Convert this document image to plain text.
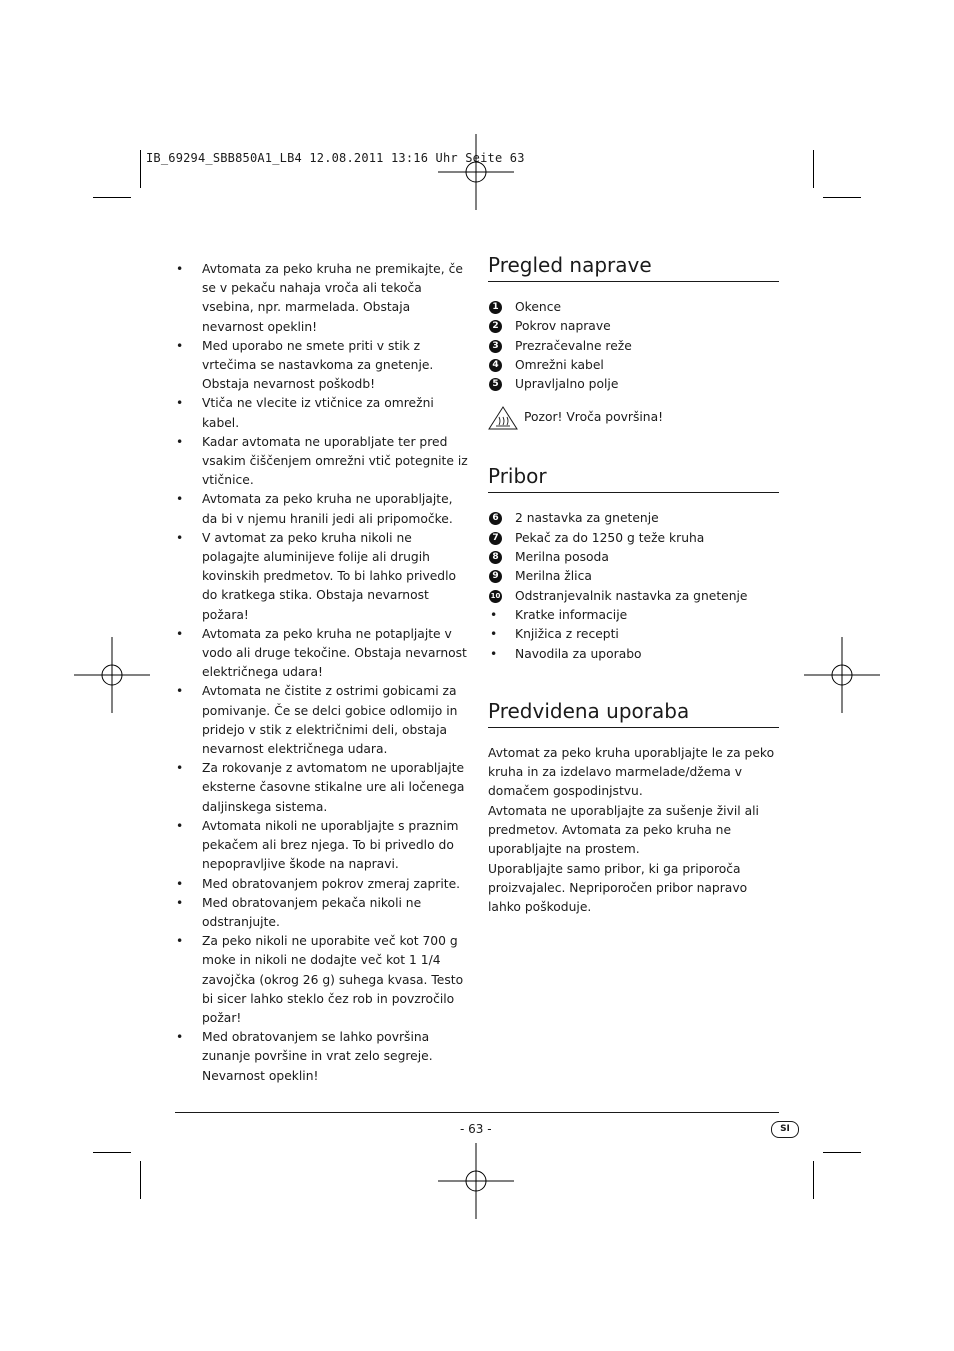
IB_69294_SBB850A1_LB4 12.08.2011 13:16 Uhr Seite 63
• Avtomata za peko kruha ne premikajte, če se v pekaču nahaja vroča ali tekoča vsebina, npr. marmelada. Obstaja nevarnost opeklin!
• Med uporabo ne smete priti v stik z vrtečima se nastavkoma za gnetenje. Obstaja nevarnost poškodb!
• Vtiča ne vlecite iz vtičnice za omrežni kabel.
• Kadar avtomata ne uporabljate ter pred vsakim čiščenjem omrežni vtič potegnite iz vtičnice.
• Avtomata za peko kruha ne uporabljajte, da bi v njemu hranili jedi ali pripomočke.
• V avtomat za peko kruha nikoli ne polagajte aluminijeve folije ali drugih kovinskih predmetov. To bi lahko privedlo do kratkega stika. Obstaja nevarnost požara!
• Avtomata za peko kruha ne potapljajte v vodo ali druge tekočine. Obstaja nevarnost električnega udara!
• Avtomata ne čistite z ostrimi gobicami za pomivanje. Če se delci gobice odlomijo in pridejo v stik z električnimi deli, obstaja nevarnost električnega udara.
• Za rokovanje z avtomatom ne uporabljajte eksterne časovne stikalne ure ali ločenega daljinskega sistema.
• Avtomata nikoli ne uporabljajte s praznim pekačem ali brez njega. To bi privedlo do nepopravljive škode na napravi.
• Med obratovanjem pokrov zmeraj zaprite.
• Med obratovanjem pekača nikoli ne odstranjujte.
• Za peko nikoli ne uporabite več kot 700 g moke in nikoli ne dodajte več kot 1 1/4 zavojčka (okrog 26 g) suhega kvasa. Testo bi sicer lahko steklo čez rob in povzročilo požar!
• Med obratovanjem se lahko površina zunanje površine in vrat zelo segreje. Nevarnost opeklin!
Pregled naprave
1 Okence
2 Pokrov naprave
3 Prezračevalne reže
4 Omrežni kabel
5 Upravljalno polje
Pozor! Vroča površina!
Pribor
6 2 nastavka za gnetenje
7 Pekač za do 1250 g teže kruha
8 Merilna posoda
9 Merilna žlica
10 Odstranjevalnik nastavka za gnetenje
• Kratke informacije
• Knjižica z recepti
• Navodila za uporabo
Predvidena uporaba

Avtomat za peko kruha uporabljajte le za peko kruha in za izdelavo marmelade/džema v domačem gospodinjstvu.

Avtomata ne uporabljajte za sušenje živil ali predmetov. Avtomata za peko kruha ne uporabljajte na prostem.

Uporabljajte samo pribor, ki ga priporoča proizvajalec. Nepriporočen pribor napravo lahko poškoduje.

- 63 -	SI
